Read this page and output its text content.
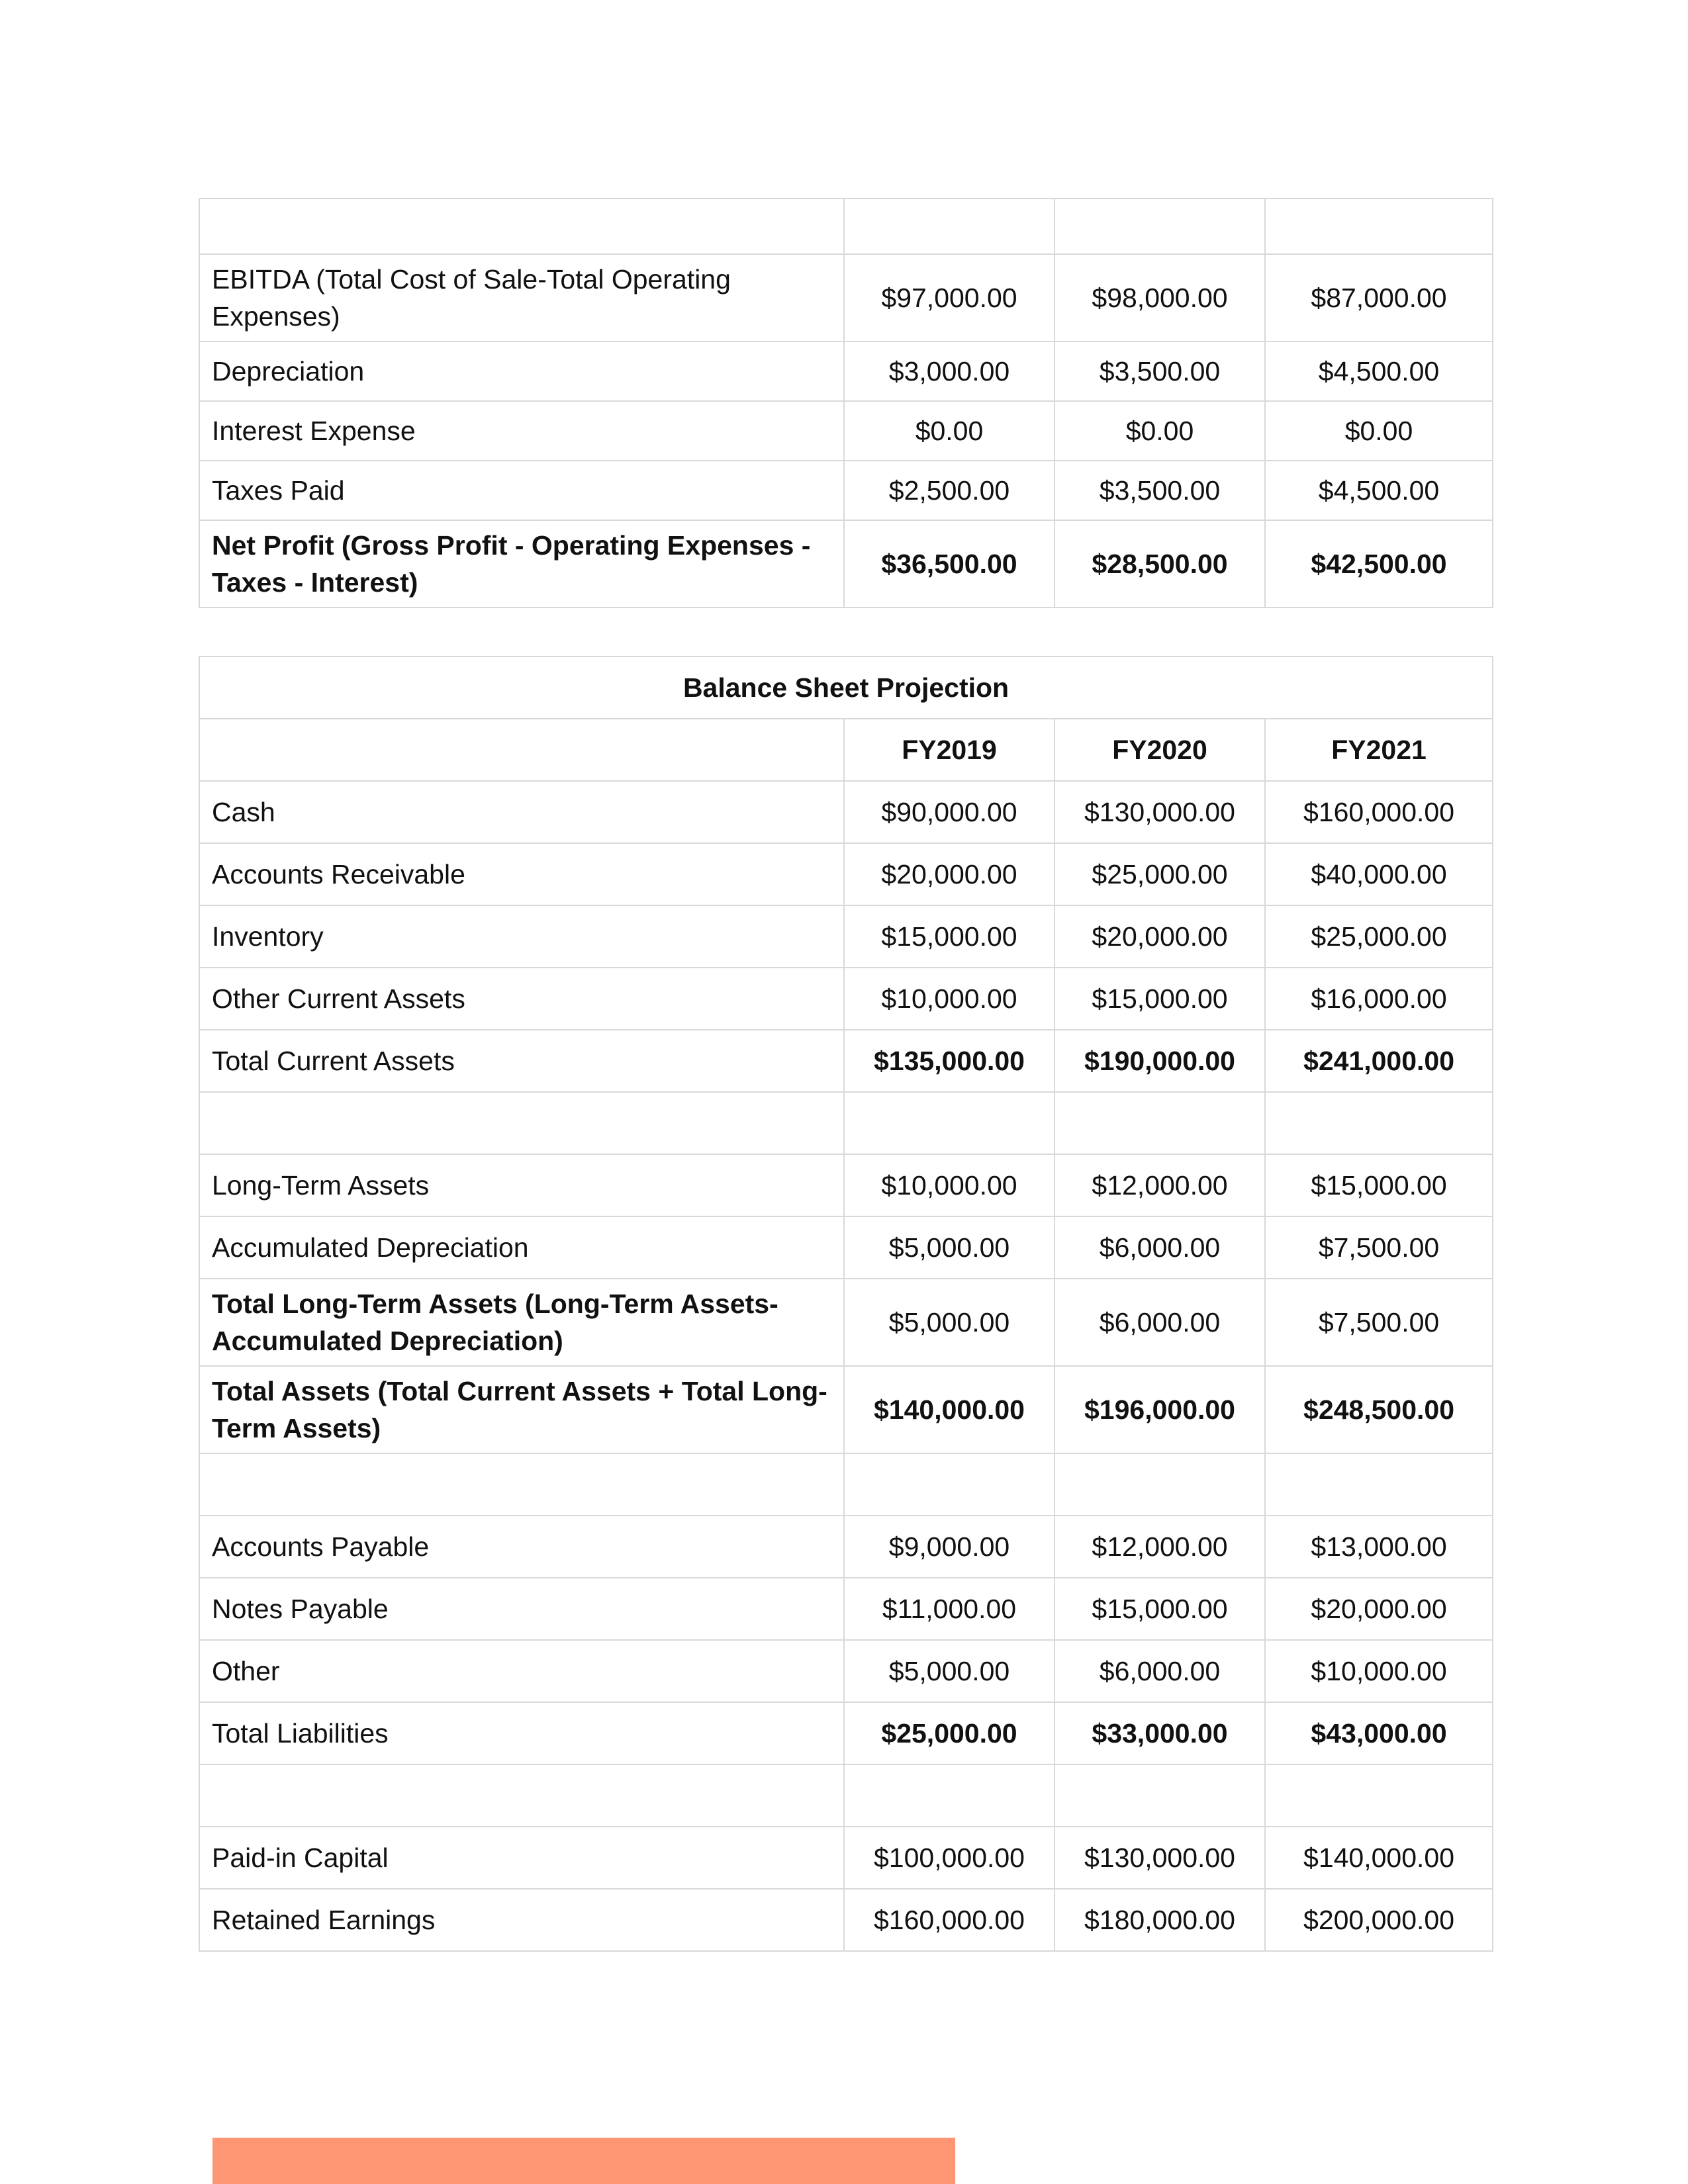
EBITDA (Total Cost of Sale-Total Operating Expenses)	$97,000.00	$98,000.00	$87,000.00
Depreciation	$3,000.00	$3,500.00	$4,500.00
Interest Expense	$0.00	$0.00	$0.00
Taxes Paid	$2,500.00	$3,500.00	$4,500.00
Net Profit (Gross Profit - Operating Expenses - Taxes - Interest)	$36,500.00	$28,500.00	$42,500.00
Balance Sheet Projection			
	FY2019	FY2020	FY2021
Cash	$90,000.00	$130,000.00	$160,000.00
Accounts Receivable	$20,000.00	$25,000.00	$40,000.00
Inventory	$15,000.00	$20,000.00	$25,000.00
Other Current Assets	$10,000.00	$15,000.00	$16,000.00
Total Current Assets	$135,000.00	$190,000.00	$241,000.00

Long-Term Assets	$10,000.00	$12,000.00	$15,000.00
Accumulated Depreciation	$5,000.00	$6,000.00	$7,500.00
Total Long-Term Assets (Long-Term Assets-Accumulated Depreciation)	$5,000.00	$6,000.00	$7,500.00
Total Assets (Total Current Assets + Total Long-Term Assets)	$140,000.00	$196,000.00	$248,500.00

Accounts Payable	$9,000.00	$12,000.00	$13,000.00
Notes Payable	$11,000.00	$15,000.00	$20,000.00
Other	$5,000.00	$6,000.00	$10,000.00
Total Liabilities	$25,000.00	$33,000.00	$43,000.00

Paid-in Capital	$100,000.00	$130,000.00	$140,000.00
Retained Earnings	$160,000.00	$180,000.00	$200,000.00
